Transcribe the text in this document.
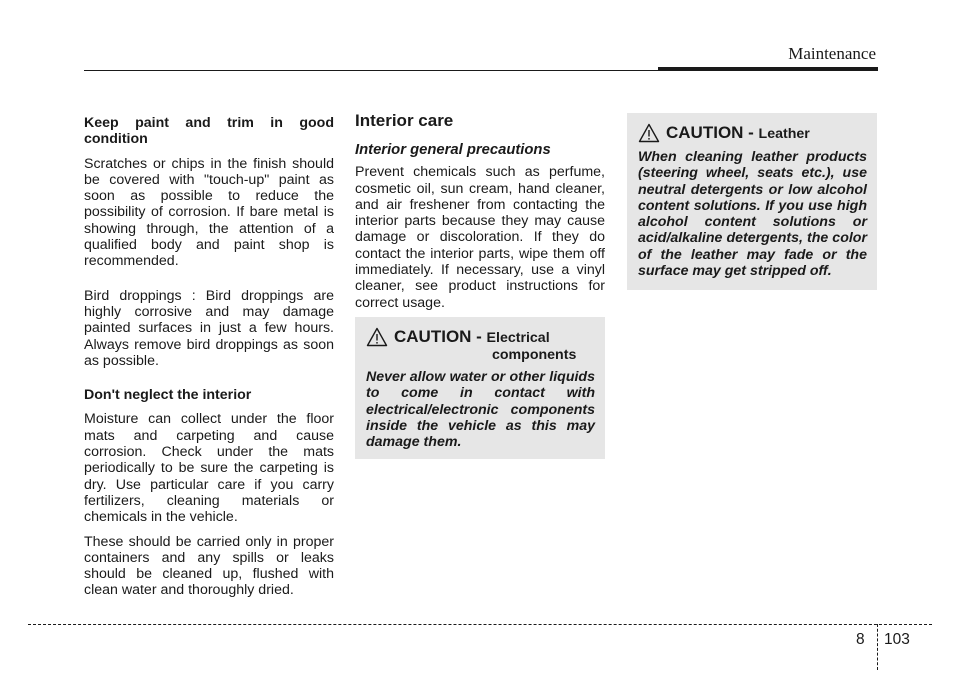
Maintenance

Keep paint and trim in good condition

Scratches or chips in the finish should be covered with "touch-up" paint as soon as possible to reduce the possibility of corrosion. If bare metal is showing through, the attention of a qualified body and paint shop is recommended.

Bird droppings : Bird droppings are highly corrosive and may damage painted surfaces in just a few hours. Always remove bird droppings as soon as possible.

Don't neglect the interior

Moisture can collect under the floor mats and carpeting and cause corrosion. Check under the mats periodically to be sure the carpeting is dry. Use particular care if you carry fertilizers, cleaning materials or chemicals in the vehicle.

These should be carried only in proper containers and any spills or leaks should be cleaned up, flushed with clean water and thoroughly dried.

Interior care
Interior general precautions

Prevent chemicals such as perfume, cosmetic oil, sun cream, hand cleaner, and air freshener from contacting the interior parts because they may cause damage or discoloration. If they do contact the interior parts, wipe them off immediately. If necessary, use a vinyl cleaner, see product instructions for correct usage.

CAUTION - Electrical
components
Never allow water or other liquids to come in contact with electrical/electronic components inside the vehicle as this may damage them.
CAUTION - Leather
When cleaning leather products (steering wheel, seats etc.), use neutral detergents or low alcohol content solutions. If you use high alcohol content solutions or acid/alkaline detergents, the color of the leather may fade or the surface may get stripped off.
8 103
